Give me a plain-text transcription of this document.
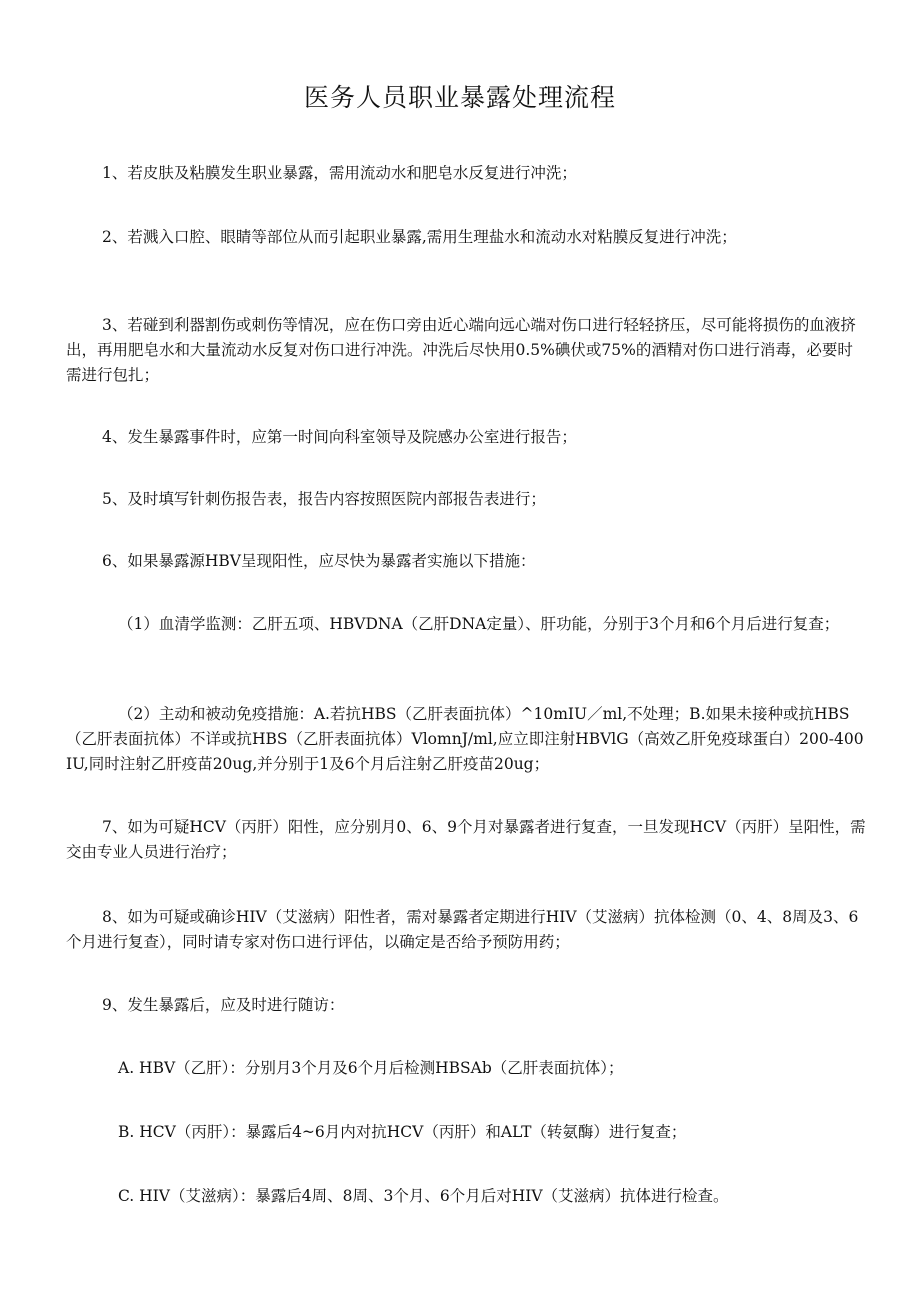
医务人员职业暴露处理流程

1、若皮肤及粘膜发生职业暴露，需用流动水和肥皂水反复进行冲洗；

2、若溅入口腔、眼睛等部位从而引起职业暴露,需用生理盐水和流动水对粘膜反复进行冲洗；

3、若碰到利器割伤或刺伤等情况，应在伤口旁由近心端向远心端对伤口进行轻轻挤压，尽可能将损伤的血液挤出，再用肥皂水和大量流动水反复对伤口进行冲洗。冲洗后尽快用0.5%碘伏或75%的酒精对伤口进行消毒，必要时需进行包扎；

4、发生暴露事件时，应第一时间向科室领导及院感办公室进行报告；

5、及时填写针刺伤报告表，报告内容按照医院内部报告表进行；

6、如果暴露源HBV呈现阳性，应尽快为暴露者实施以下措施：

（1）血清学监测：乙肝五项、HBVDNA（乙肝DNA定量）、肝功能，分别于3个月和6个月后进行复查；

（2）主动和被动免疫措施：A.若抗HBS（乙肝表面抗体）^10mIU／ml,不处理；B.如果未接种或抗HBS（乙肝表面抗体）不详或抗HBS（乙肝表面抗体）VlomnJ/ml,应立即注射HBVlG（高效乙肝免疫球蛋白）200-400IU,同时注射乙肝疫苗20ug,并分别于1及6个月后注射乙肝疫苗20ug；

7、如为可疑HCV（丙肝）阳性，应分别月0、6、9个月对暴露者进行复查，一旦发现HCV（丙肝）呈阳性，需交由专业人员进行治疗；

8、如为可疑或确诊HIV（艾滋病）阳性者，需对暴露者定期进行HIV（艾滋病）抗体检测（0、4、8周及3、6个月进行复查），同时请专家对伤口进行评估，以确定是否给予预防用药；

9、发生暴露后，应及时进行随访：

A. HBV（乙肝）：分别月3个月及6个月后检测HBSAb（乙肝表面抗体）；

B. HCV（丙肝）：暴露后4~6月内对抗HCV（丙肝）和ALT（转氨酶）进行复查；

C. HIV（艾滋病）：暴露后4周、8周、3个月、6个月后对HIV（艾滋病）抗体进行检查。
